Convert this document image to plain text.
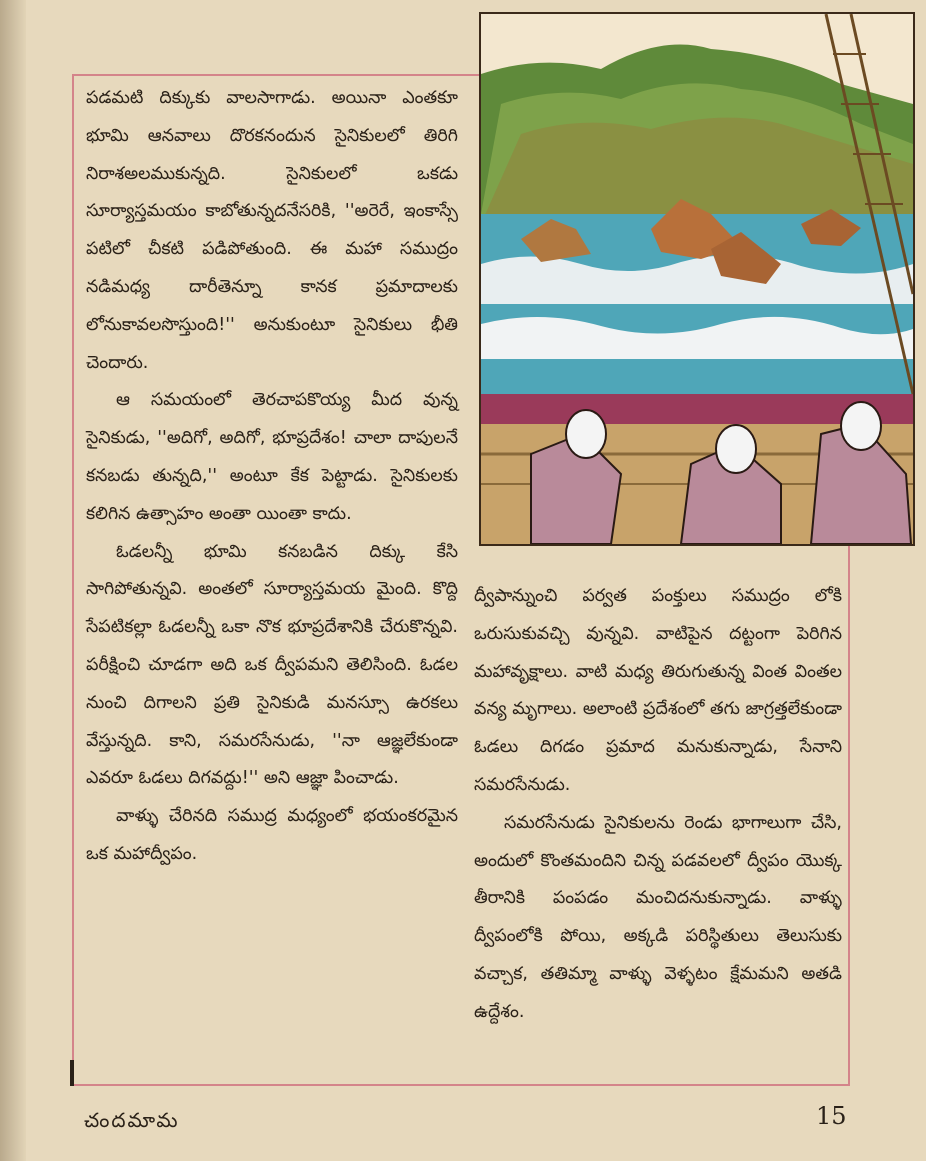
పడమటి దిక్కుకు వాలసాగాడు. అయినా ఎంతకూ భూమి ఆనవాలు దొరకనందున సైనికులలో తిరిగి నిరాశఅలముకున్నది. సైనికులలో ఒకడు సూర్యాస్తమయం కాబోతున్నదనేసరికి, ''అరెరే, ఇంకాస్సే పటిలో చీకటి పడిపోతుంది. ఈ మహా సముద్రం నడిమధ్య దారీతెన్నూ కానక ప్రమాదాలకు లోనుకావలసొస్తుంది!'' అనుకుంటూ సైనికులు భీతి చెందారు.

ఆ సమయంలో తెరచాపకొయ్య మీద వున్న సైనికుడు, ''అదిగో, అదిగో, భూప్రదేశం! చాలా దాపులనే కనబడు తున్నది,'' అంటూ కేక పెట్టాడు. సైనికులకు కలిగిన ఉత్సాహం అంతా యింతా కాదు.

ఓడలన్నీ భూమి కనబడిన దిక్కు కేసి సాగిపోతున్నవి. అంతలో సూర్యాస్తమయ మైంది. కొద్ది సేపటికల్లా ఓడలన్నీ ఒకా నొక భూప్రదేశానికి చేరుకొన్నవి. పరీక్షించి చూడగా అది ఒక ద్వీపమని తెలిసింది. ఓడల నుంచి దిగాలని ప్రతి సైనికుడి మనస్సూ ఉరకలు వేస్తున్నది. కాని, సమరసేనుడు, ''నా ఆజ్ఞలేకుండా ఎవరూ ఓడలు దిగవద్దు!'' అని ఆజ్ఞా పించాడు.

వాళ్ళు చేరినది సముద్ర మధ్యంలో భయంకరమైన ఒక మహాద్వీపం.

ద్వీపాన్నుంచి పర్వత పంక్తులు సముద్రం లోకి ఒరుసుకువచ్చి వున్నవి. వాటిపైన దట్టంగా పెరిగిన మహావృక్షాలు. వాటి మధ్య తిరుగుతున్న వింత వింతల వన్య మృగాలు. అలాంటి ప్రదేశంలో తగు జాగ్రత్తలేకుండా ఓడలు దిగడం ప్రమాద మనుకున్నాడు, సేనాని సమరసేనుడు.

సమరసేనుడు సైనికులను రెండు భాగాలుగా చేసి, అందులో కొంతమందిని చిన్న పడవలలో ద్వీపం యొక్క తీరానికి పంపడం మంచిదనుకున్నాడు. వాళ్ళు ద్వీపంలోకి పోయి, అక్కడి పరిస్థితులు తెలుసుకు వచ్చాక, తతిమ్మా వాళ్ళు వెళ్ళటం క్షేమమని అతడి ఉద్దేశం.

చందమామ	15
